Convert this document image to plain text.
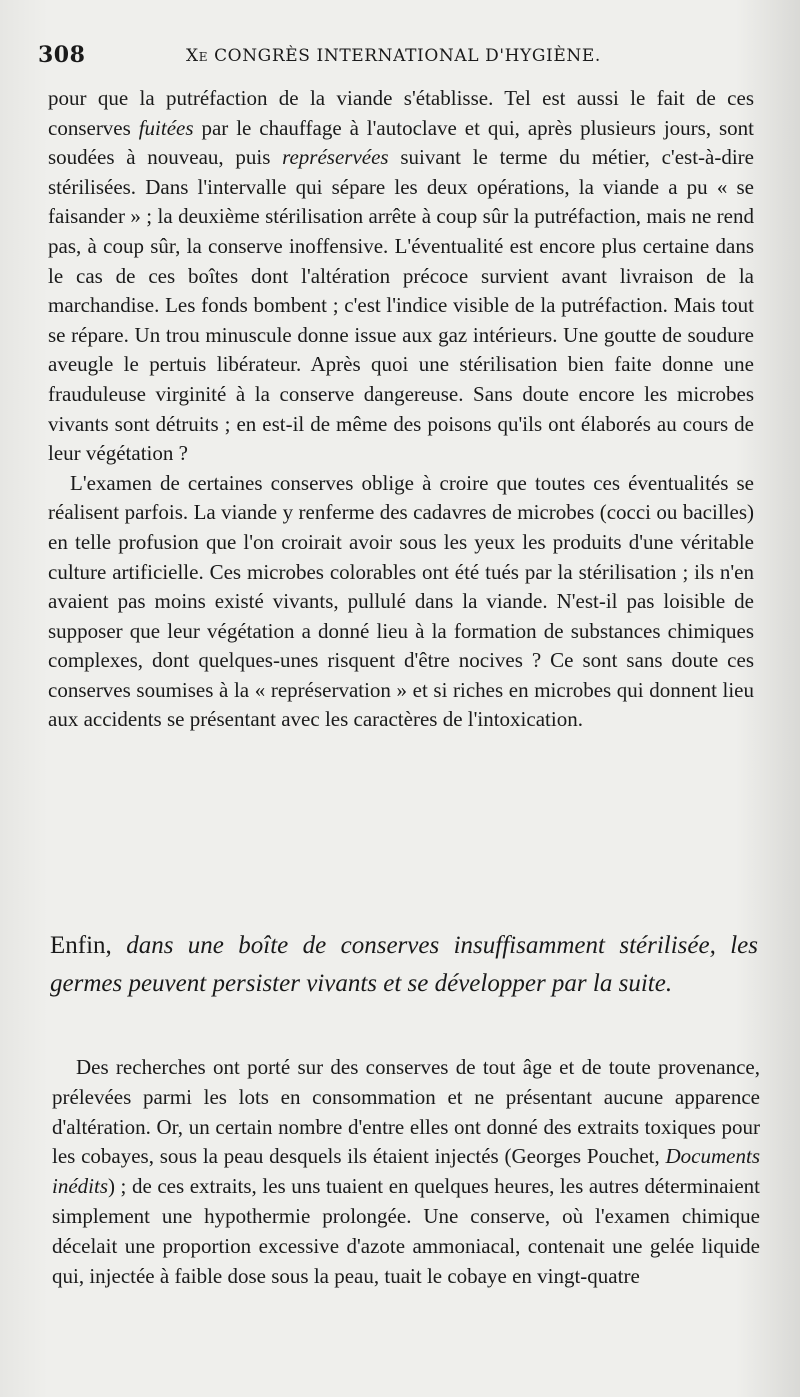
308	Xe CONGRÈS INTERNATIONAL D'HYGIÈNE.

pour que la putréfaction de la viande s'établisse. Tel est aussi le fait de ces conserves fuitées par le chauffage à l'autoclave et qui, après plusieurs jours, sont soudées à nouveau, puis représervées suivant le terme du métier, c'est-à-dire stérilisées. Dans l'intervalle qui sépare les deux opérations, la viande a pu « se faisander » ; la deuxième stérilisation arrête à coup sûr la putréfaction, mais ne rend pas, à coup sûr, la conserve inoffensive. L'éventualité est encore plus certaine dans le cas de ces boîtes dont l'altération précoce survient avant livraison de la marchandise. Les fonds bombent ; c'est l'indice visible de la putréfaction. Mais tout se répare. Un trou minuscule donne issue aux gaz intérieurs. Une goutte de soudure aveugle le pertuis libérateur. Après quoi une stérilisation bien faite donne une frauduleuse virginité à la conserve dangereuse. Sans doute encore les microbes vivants sont détruits ; en est-il de même des poisons qu'ils ont élaborés au cours de leur végétation ?

L'examen de certaines conserves oblige à croire que toutes ces éventualités se réalisent parfois. La viande y renferme des cadavres de microbes (cocci ou bacilles) en telle profusion que l'on croirait avoir sous les yeux les produits d'une véritable culture artificielle. Ces microbes colorables ont été tués par la stérilisation ; ils n'en avaient pas moins existé vivants, pullulé dans la viande. N'est-il pas loisible de supposer que leur végétation a donné lieu à la formation de substances chimiques complexes, dont quelques-unes risquent d'être nocives ? Ce sont sans doute ces conserves soumises à la « représervation » et si riches en microbes qui donnent lieu aux accidents se présentant avec les caractères de l'intoxication.

Enfin, dans une boîte de conserves insuffisamment stérilisée, les germes peuvent persister vivants et se développer par la suite.

Des recherches ont porté sur des conserves de tout âge et de toute provenance, prélevées parmi les lots en consommation et ne présentant aucune apparence d'altération. Or, un certain nombre d'entre elles ont donné des extraits toxiques pour les cobayes, sous la peau desquels ils étaient injectés (Georges Pouchet, Documents inédits) ; de ces extraits, les uns tuaient en quelques heures, les autres déterminaient simplement une hypothermie prolongée. Une conserve, où l'examen chimique décelait une proportion excessive d'azote ammoniacal, contenait une gelée liquide qui, injectée à faible dose sous la peau, tuait le cobaye en vingt-quatre
